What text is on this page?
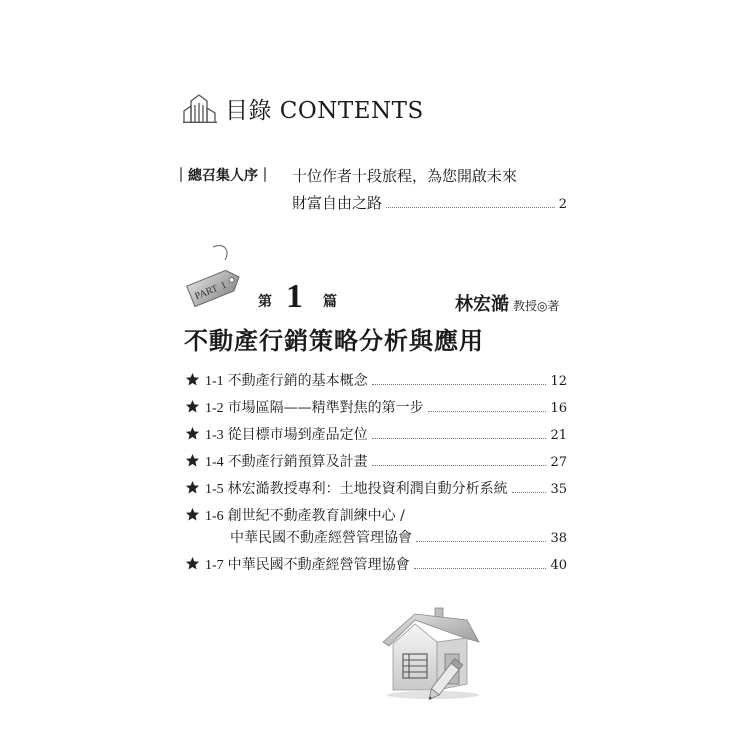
目錄 CONTENTS
｜總召集人序｜ 十位作者十段旅程，為您開啟未來
財富自由之路	2
PART 1
第 1 篇	林宏澔 教授◎著
不動產行銷策略分析與應用
1-1 不動產行銷的基本概念	12
1-2 市場區隔——精準對焦的第一步	16
1-3 從目標市場到產品定位	21
1-4 不動產行銷預算及計畫	27
1-5 林宏澔教授專利：土地投資利潤自動分析系統	35
1-6 創世紀不動產教育訓練中心 /
中華民國不動產經營管理協會	38
1-7 中華民國不動產經營管理協會	40
